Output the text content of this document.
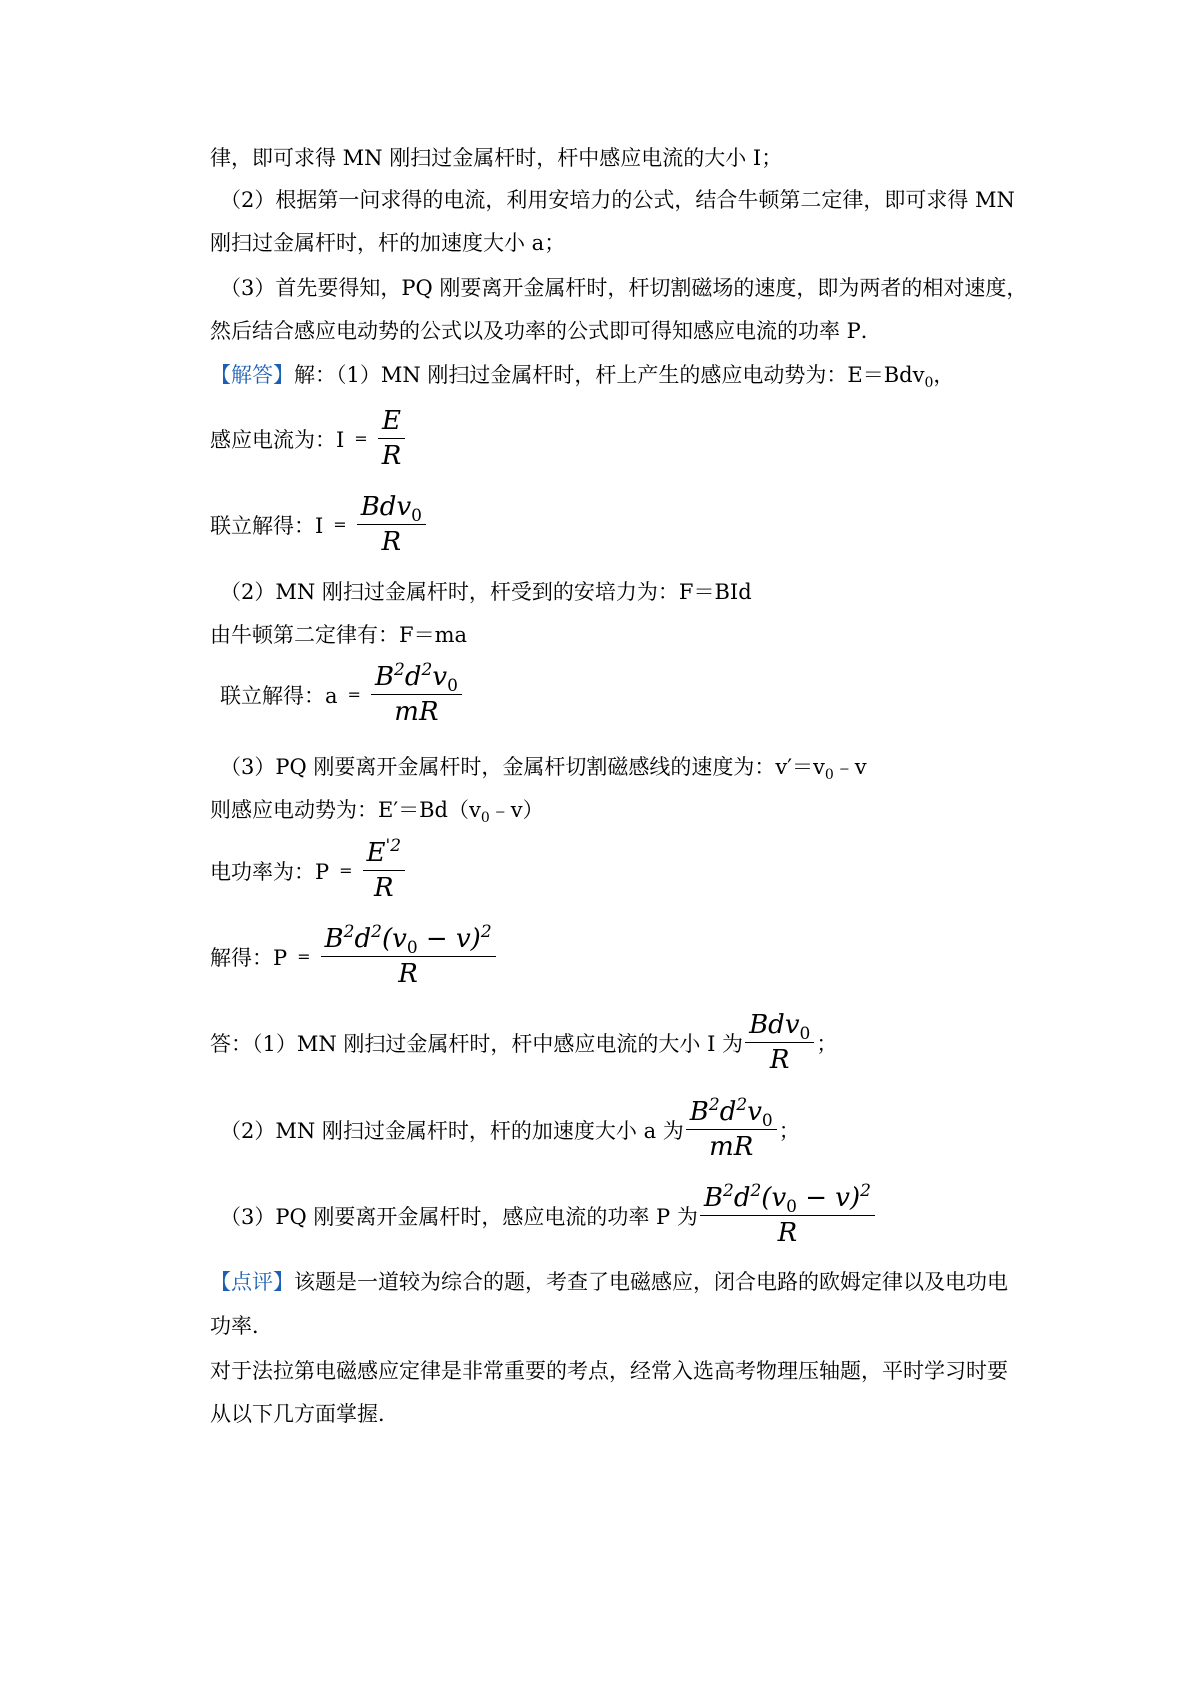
律，即可求得 MN 刚扫过金属杆时，杆中感应电流的大小 I；
（2）根据第一问求得的电流，利用安培力的公式，结合牛顿第二定律，即可求得 MN
刚扫过金属杆时，杆的加速度大小 a；
（3）首先要得知，PQ 刚要离开金属杆时，杆切割磁场的速度，即为两者的相对速度，
然后结合感应电动势的公式以及功率的公式即可得知感应电流的功率 P．
【解答】解：（1）MN 刚扫过金属杆时，杆上产生的感应电动势为：E＝Bdv$_0$，
感应电流为：$I = \frac{E}{R}$
联立解得：$I = \frac{Bdv_0}{R}$
（2）MN 刚扫过金属杆时，杆受到的安培力为：F＝BId
由牛顿第二定律有：F＝ma
联立解得：$a = \frac{B^2d^2v_0}{mR}$
（3）PQ 刚要离开金属杆时，金属杆切割磁感线的速度为：$v'=v_0﹣v$
则感应电动势为：$E'=Bd(v_0﹣v)$
电功率为：$P = \frac{E^{'2}}{R}$
解得：$P = \frac{B^2d^2(v_0 - v)^2}{R}$
答：（1）MN 刚扫过金属杆时，杆中感应电流的大小 I 为 $\frac{Bdv_0}{R}$ ；
（2）MN 刚扫过金属杆时，杆的加速度大小 a 为 $\frac{B^2d^2v_0}{mR}$ ；
（3）PQ 刚要离开金属杆时，感应电流的功率 P 为 $\frac{B^2d^2(v_0 - v)^2}{R}$
【点评】该题是一道较为综合的题，考查了电磁感应，闭合电路的欧姆定律以及电功电
功率．
对于法拉第电磁感应定律是非常重要的考点，经常入选高考物理压轴题，平时学习时要
从以下几方面掌握．
